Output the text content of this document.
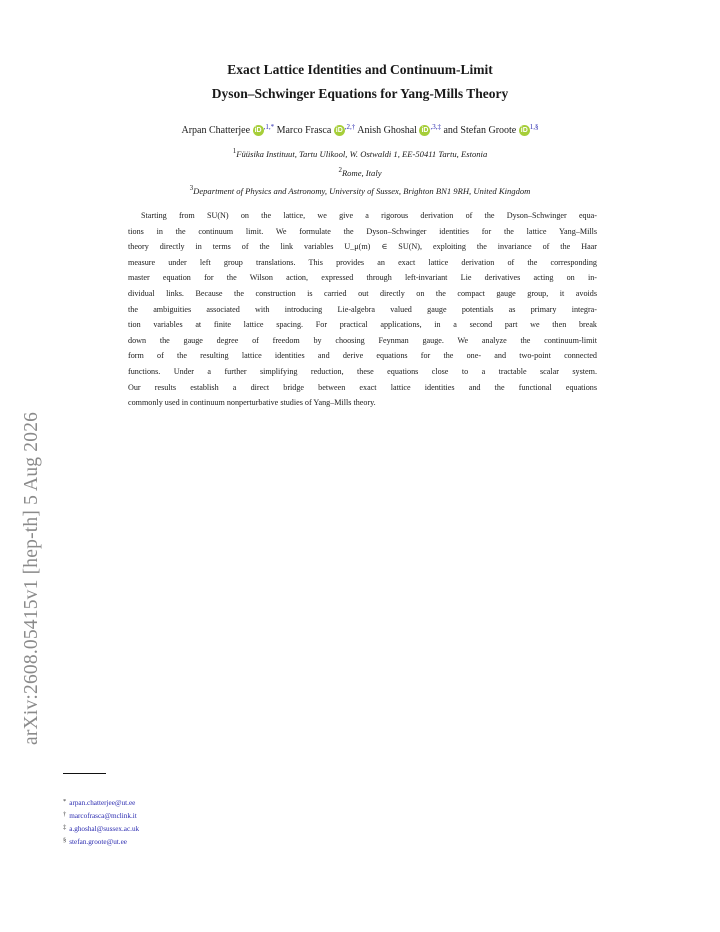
Exact Lattice Identities and Continuum-Limit
Dyson–Schwinger Equations for Yang-Mills Theory
Arpan Chatterjee iD $^{,1,*}$ Marco Frasca iD $^{,2,\dagger}$ Anish Ghoshal iD $^{,3,\ddagger}$ and Stefan Groote iD $^{1,\S}$
$^1$Füüsika Instituut, Tartu Ulikool, W. Ostwaldi 1, EE-50411 Tartu, Estonia
$^2$Rome, Italy
$^3$Department of Physics and Astronomy, University of Sussex, Brighton BN1 9RH, United Kingdom
Starting from SU(N) on the lattice, we give a rigorous derivation of the Dyson–Schwinger equa-
tions in the continuum limit. We formulate the Dyson–Schwinger identities for the lattice Yang–Mills
theory directly in terms of the link variables U_μ(m) ∈ SU(N), exploiting the invariance of the Haar
measure under left group translations. This provides an exact lattice derivation of the corresponding
master equation for the Wilson action, expressed through left-invariant Lie derivatives acting on in-
dividual links. Because the construction is carried out directly on the compact gauge group, it avoids
the ambiguities associated with introducing Lie-algebra valued gauge potentials as primary integra-
tion variables at finite lattice spacing. For practical applications, in a second part we then break
down the gauge degree of freedom by choosing Feynman gauge. We analyze the continuum-limit
form of the resulting lattice identities and derive equations for the one- and two-point connected
functions. Under a further simplifying reduction, these equations close to a tractable scalar system.
Our results establish a direct bridge between exact lattice identities and the functional equations
commonly used in continuum nonperturbative studies of Yang–Mills theory.
arXiv:2608.05415v1 [hep-th] 5 Aug 2026
* arpan.chatterjee@ut.ee
† marcofrasca@mclink.it
‡ a.ghoshal@sussex.ac.uk
§ stefan.groote@ut.ee
